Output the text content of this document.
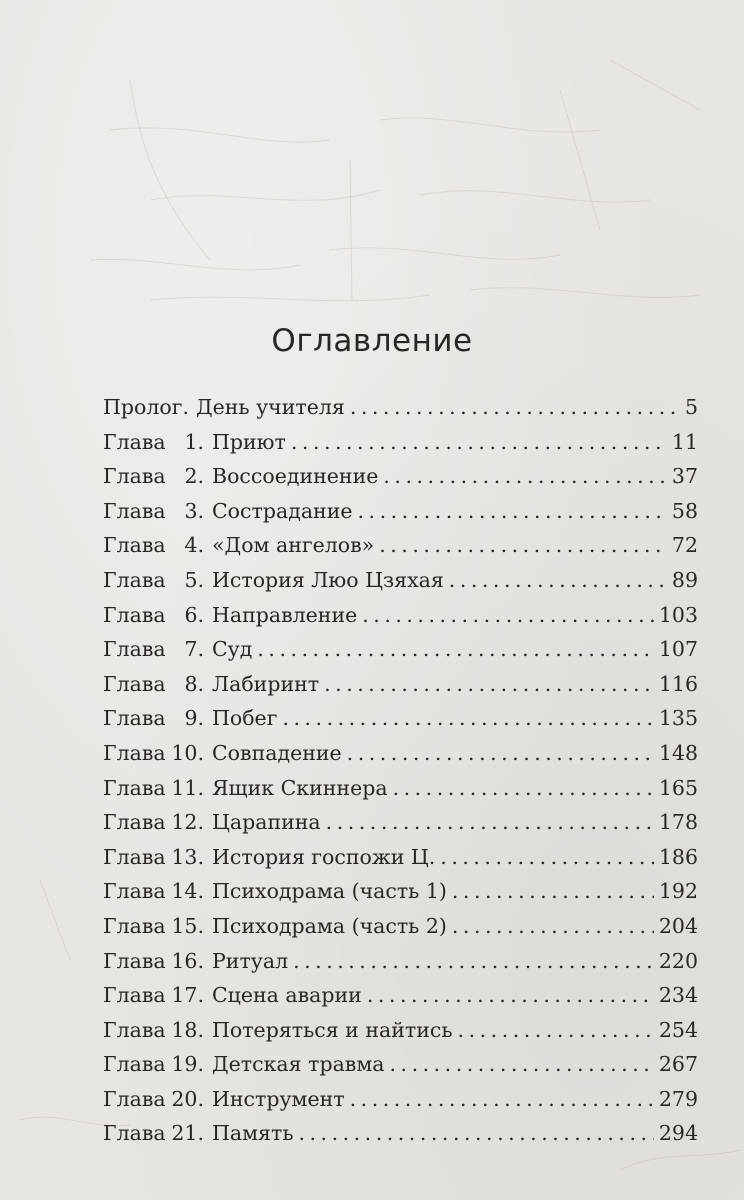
Оглавление
Пролог. День учителя . . .	5
Глава 1. Приют . . .	11
Глава 2. Воссоединение . . .	37
Глава 3. Сострадание . . .	58
Глава 4. «Дом ангелов» . . .	72
Глава 5. История Люо Цзяхая . . .	89
Глава 6. Направление . . .	103
Глава 7. Суд . . .	107
Глава 8. Лабиринт . . .	116
Глава 9. Побег . . .	135
Глава 10. Совпадение . . .	148
Глава 11. Ящик Скиннера . . .	165
Глава 12. Царапина . . .	178
Глава 13. История госпожи Ц. . . .	186
Глава 14. Психодрама (часть 1) . . .	192
Глава 15. Психодрама (часть 2) . . .	204
Глава 16. Ритуал . . .	220
Глава 17. Сцена аварии . . .	234
Глава 18. Потеряться и найтись . . .	254
Глава 19. Детская травма . . .	267
Глава 20. Инструмент . . .	279
Глава 21. Память . . .	294
